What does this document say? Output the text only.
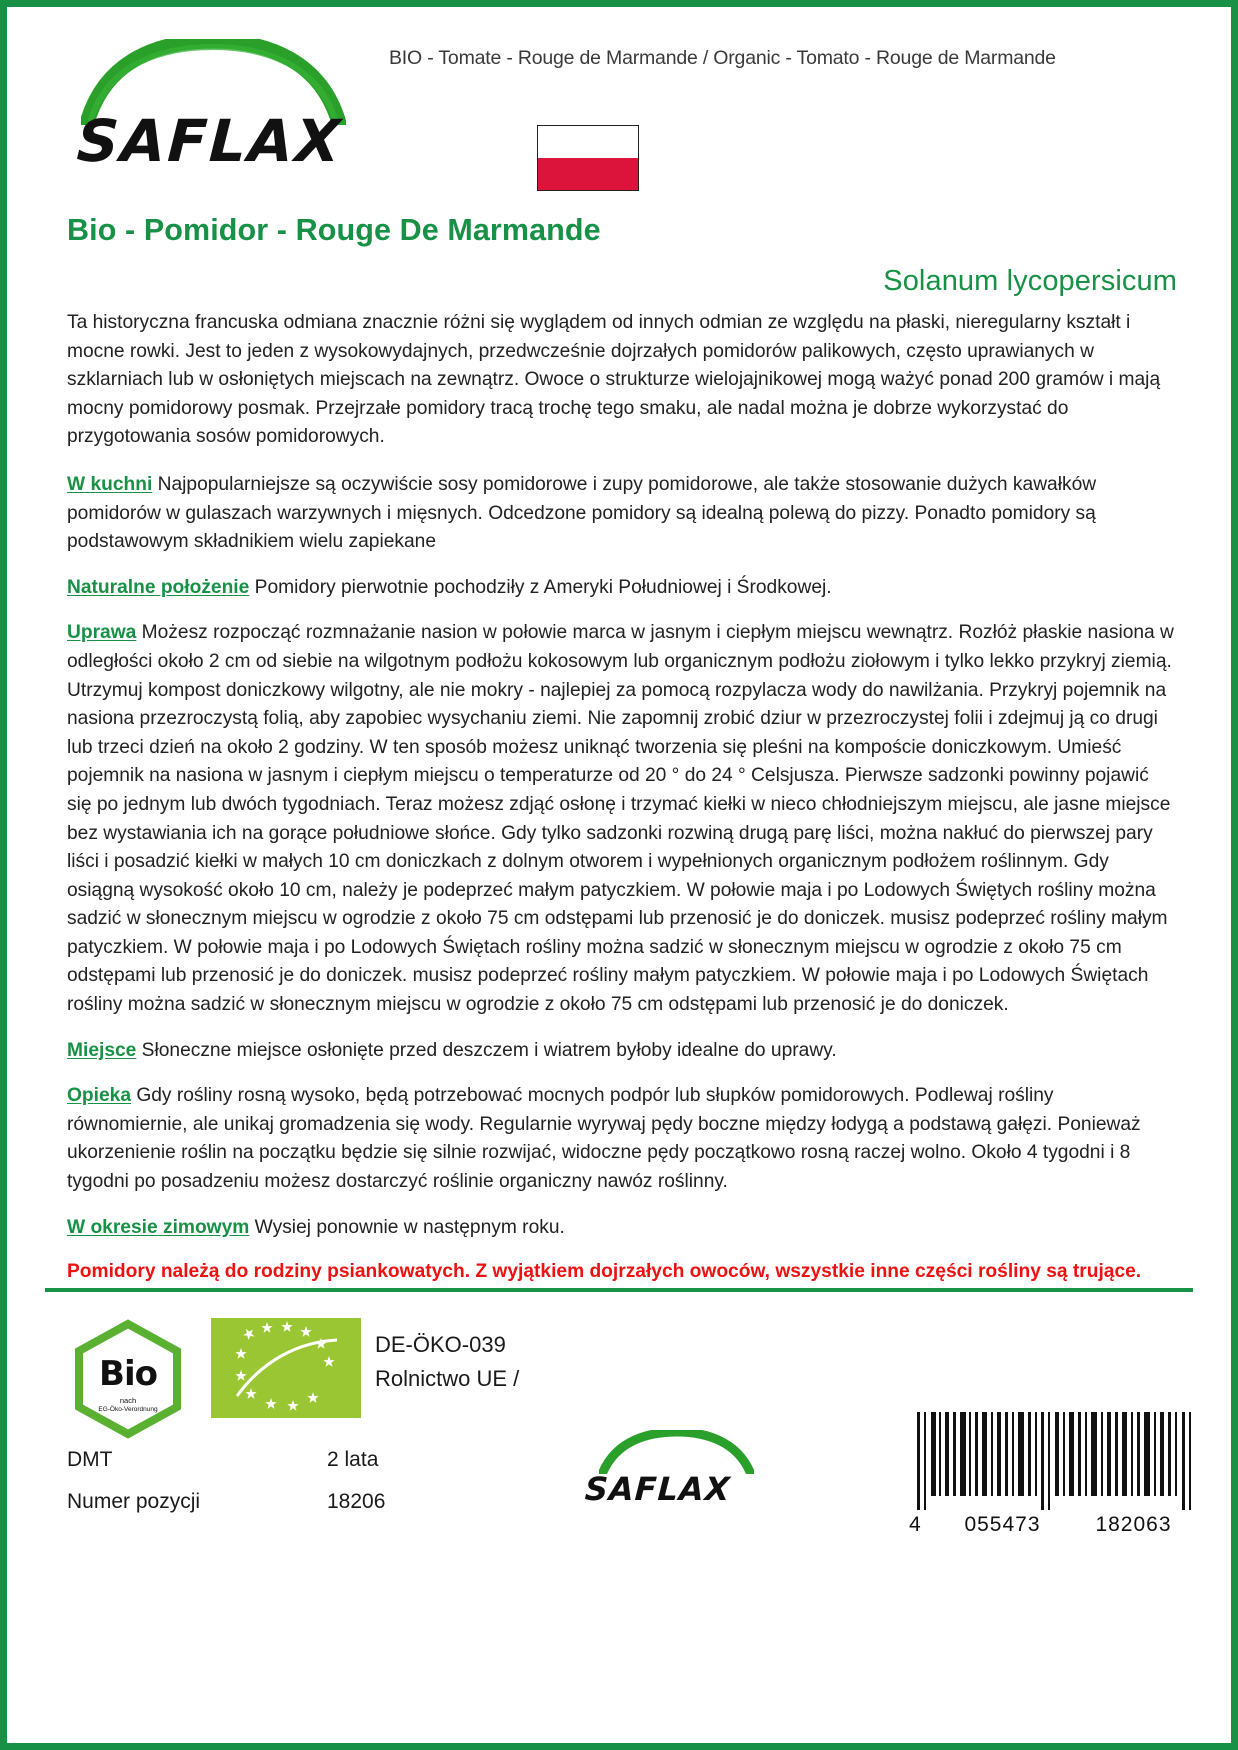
SAFLAX
BIO - Tomate - Rouge de Marmande / Organic - Tomato - Rouge de Marmande
Bio - Pomidor - Rouge De Marmande
Solanum lycopersicum

Ta historyczna francuska odmiana znacznie różni się wyglądem od innych odmian ze względu na płaski, nieregularny kształt i mocne rowki. Jest to jeden z wysokowydajnych, przedwcześnie dojrzałych pomidorów palikowych, często uprawianych w szklarniach lub w osłoniętych miejscach na zewnątrz. Owoce o strukturze wielojajnikowej mogą ważyć ponad 200 gramów i mają mocny pomidorowy posmak. Przejrzałe pomidory tracą trochę tego smaku, ale nadal można je dobrze wykorzystać do przygotowania sosów pomidorowych.

W kuchni Najpopularniejsze są oczywiście sosy pomidorowe i zupy pomidorowe, ale także stosowanie dużych kawałków pomidorów w gulaszach warzywnych i mięsnych. Odcedzone pomidory są idealną polewą do pizzy. Ponadto pomidory są podstawowym składnikiem wielu zapiekane

Naturalne położenie Pomidory pierwotnie pochodziły z Ameryki Południowej i Środkowej.

Uprawa Możesz rozpocząć rozmnażanie nasion w połowie marca w jasnym i ciepłym miejscu wewnątrz. Rozłóż płaskie nasiona w odległości około 2 cm od siebie na wilgotnym podłożu kokosowym lub organicznym podłożu ziołowym i tylko lekko przykryj ziemią. Utrzymuj kompost doniczkowy wilgotny, ale nie mokry - najlepiej za pomocą rozpylacza wody do nawilżania. Przykryj pojemnik na nasiona przezroczystą folią, aby zapobiec wysychaniu ziemi. Nie zapomnij zrobić dziur w przezroczystej folii i zdejmuj ją co drugi lub trzeci dzień na około 2 godziny. W ten sposób możesz uniknąć tworzenia się pleśni na kompoście doniczkowym. Umieść pojemnik na nasiona w jasnym i ciepłym miejscu o temperaturze od 20 ° do 24 ° Celsjusza. Pierwsze sadzonki powinny pojawić się po jednym lub dwóch tygodniach. Teraz możesz zdjąć osłonę i trzymać kiełki w nieco chłodniejszym miejscu, ale jasne miejsce bez wystawiania ich na gorące południowe słońce. Gdy tylko sadzonki rozwiną drugą parę liści, można nakłuć do pierwszej pary liści i posadzić kiełki w małych 10 cm doniczkach z dolnym otworem i wypełnionych organicznym podłożem roślinnym. Gdy osiągną wysokość około 10 cm, należy je podeprzeć małym patyczkiem. W połowie maja i po Lodowych Świętych rośliny można sadzić w słonecznym miejscu w ogrodzie z około 75 cm odstępami lub przenosić je do doniczek. musisz podeprzeć rośliny małym patyczkiem. W połowie maja i po Lodowych Świętach rośliny można sadzić w słonecznym miejscu w ogrodzie z około 75 cm odstępami lub przenosić je do doniczek. musisz podeprzeć rośliny małym patyczkiem. W połowie maja i po Lodowych Świętach rośliny można sadzić w słonecznym miejscu w ogrodzie z około 75 cm odstępami lub przenosić je do doniczek.

Miejsce Słoneczne miejsce osłonięte przed deszczem i wiatrem byłoby idealne do uprawy.

Opieka Gdy rośliny rosną wysoko, będą potrzebować mocnych podpór lub słupków pomidorowych. Podlewaj rośliny równomiernie, ale unikaj gromadzenia się wody. Regularnie wyrywaj pędy boczne między łodygą a podstawą gałęzi. Ponieważ ukorzenienie roślin na początku będzie się silnie rozwijać, widoczne pędy początkowo rosną raczej wolno. Około 4 tygodni i 8 tygodni po posadzeniu możesz dostarczyć roślinie organiczny nawóz roślinny.

W okresie zimowym Wysiej ponownie w następnym roku.

Pomidory należą do rodziny psiankowatych. Z wyjątkiem dojrzałych owoców, wszystkie inne części rośliny są trujące.
Bio
nach
EG-Öko-Verordnung
DE-ÖKO-039
Rolnictwo UE /
DMT	2 lata
Numer pozycji	18206	SAFLAX
4	055473	182063
